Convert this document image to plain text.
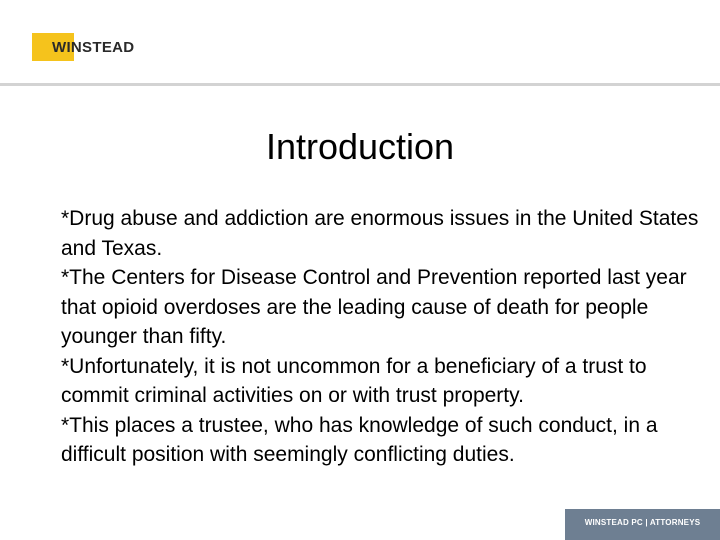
WINSTEAD
Introduction

*Drug abuse and addiction are enormous issues in the United States and Texas.

*The Centers for Disease Control and Prevention reported last year that opioid overdoses are the leading cause of death for people younger than fifty.

*Unfortunately, it is not uncommon for a beneficiary of a trust to commit criminal activities on or with trust property.

*This places a trustee, who has knowledge of such conduct, in a difficult position with seemingly conflicting duties.

WINSTEAD PC | ATTORNEYS
